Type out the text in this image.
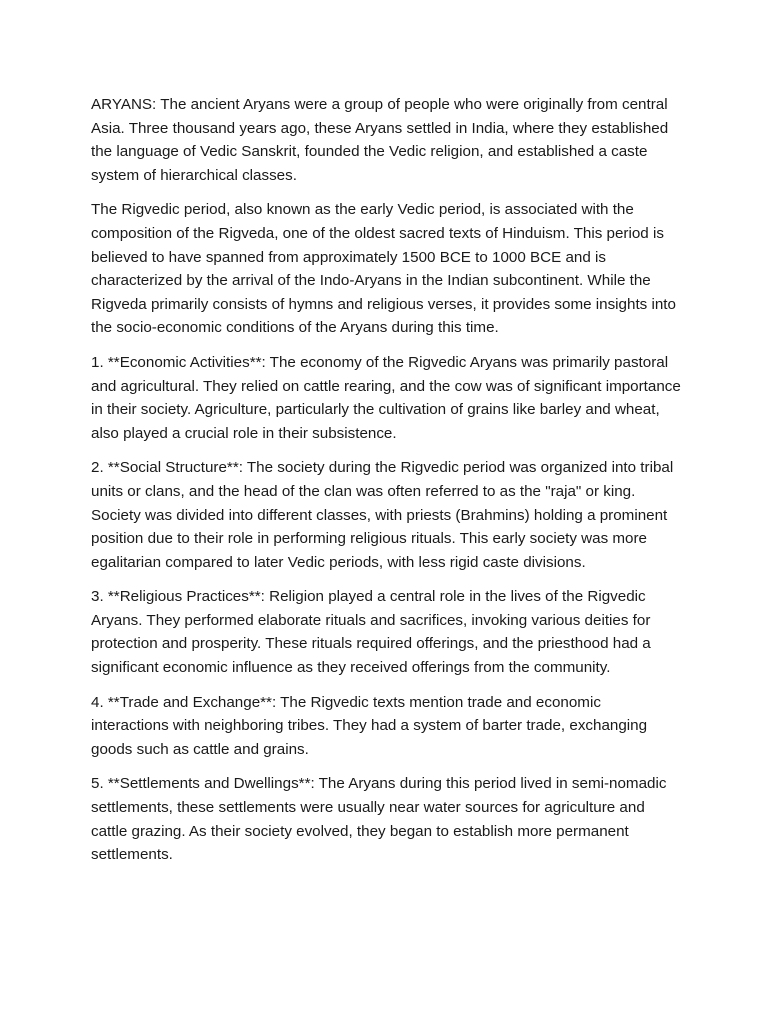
ARYANS: The ancient Aryans were a group of people who were originally from central Asia. Three thousand years ago, these Aryans settled in India, where they established the language of Vedic Sanskrit, founded the Vedic religion, and established a caste system of hierarchical classes.

The Rigvedic period, also known as the early Vedic period, is associated with the composition of the Rigveda, one of the oldest sacred texts of Hinduism. This period is believed to have spanned from approximately 1500 BCE to 1000 BCE and is characterized by the arrival of the Indo-Aryans in the Indian subcontinent. While the Rigveda primarily consists of hymns and religious verses, it provides some insights into the socio-economic conditions of the Aryans during this time.

1. **Economic Activities**: The economy of the Rigvedic Aryans was primarily pastoral and agricultural. They relied on cattle rearing, and the cow was of significant importance in their society. Agriculture, particularly the cultivation of grains like barley and wheat, also played a crucial role in their subsistence.

2. **Social Structure**: The society during the Rigvedic period was organized into tribal units or clans, and the head of the clan was often referred to as the "raja" or king. Society was divided into different classes, with priests (Brahmins) holding a prominent position due to their role in performing religious rituals. This early society was more egalitarian compared to later Vedic periods, with less rigid caste divisions.

3. **Religious Practices**: Religion played a central role in the lives of the Rigvedic Aryans. They performed elaborate rituals and sacrifices, invoking various deities for protection and prosperity. These rituals required offerings, and the priesthood had a significant economic influence as they received offerings from the community.

4. **Trade and Exchange**: The Rigvedic texts mention trade and economic interactions with neighboring tribes. They had a system of barter trade, exchanging goods such as cattle and grains.

5. **Settlements and Dwellings**: The Aryans during this period lived in semi-nomadic settlements, these settlements were usually near water sources for agriculture and cattle grazing. As their society evolved, they began to establish more permanent settlements.
